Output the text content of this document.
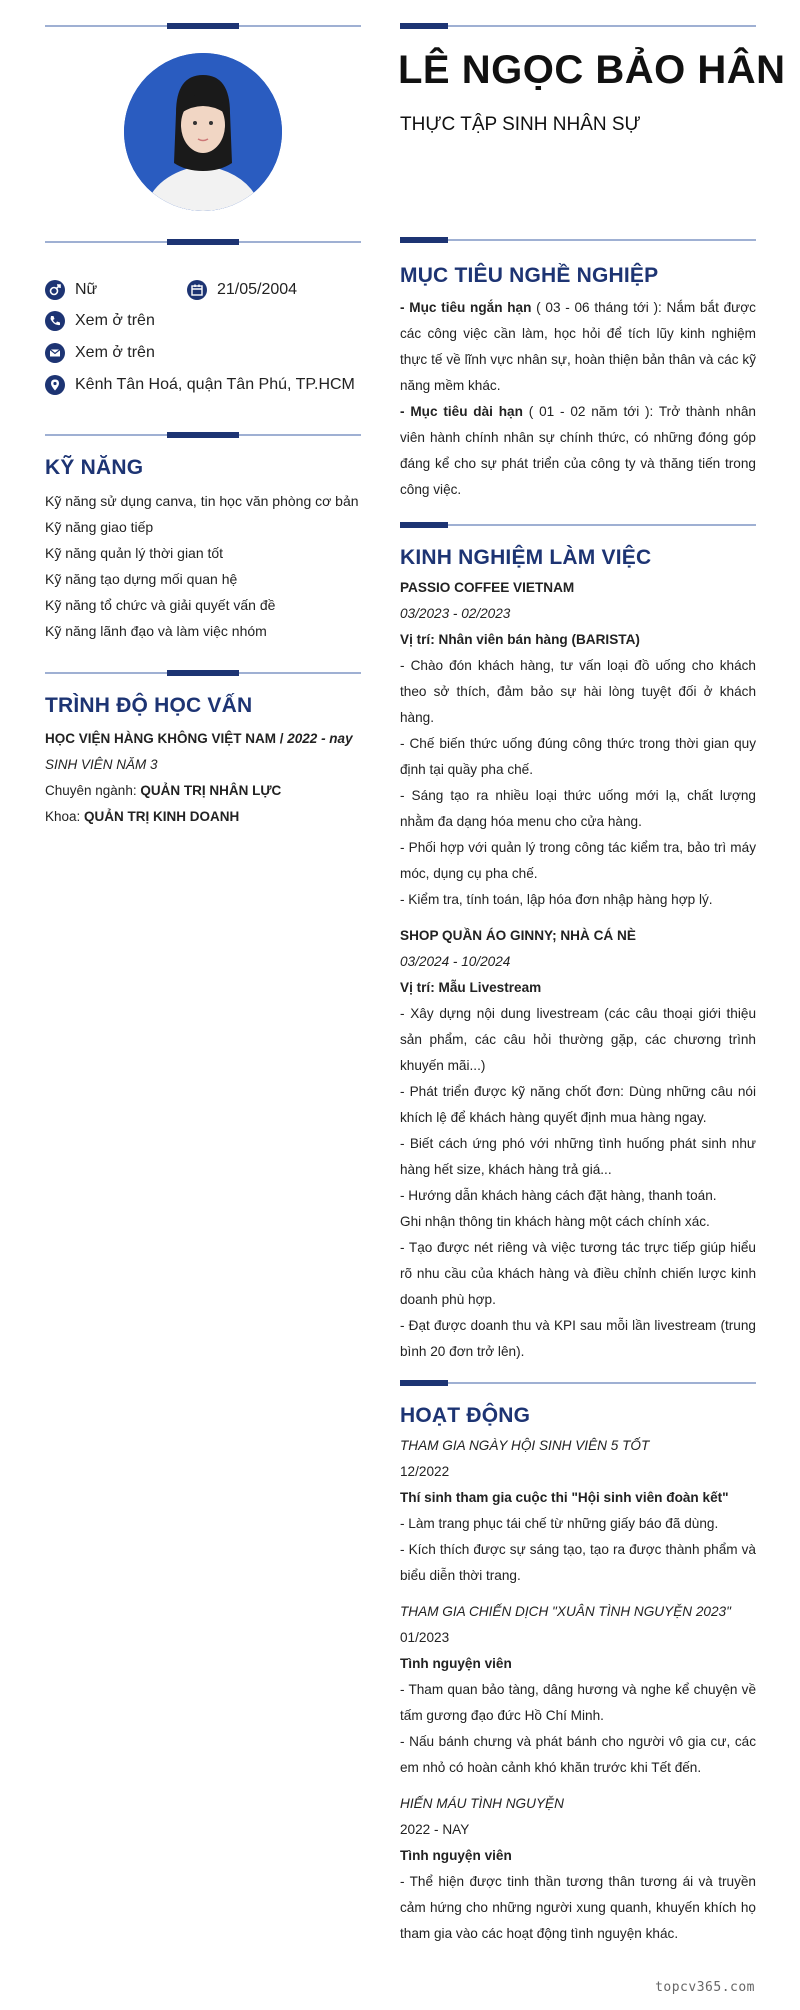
Nữ	21/05/2004
Xem ở trên
Xem ở trên
Kênh Tân Hoá, quận Tân Phú, TP.HCM
KỸ NĂNG

Kỹ năng sử dụng canva, tin học văn phòng cơ bản

Kỹ năng giao tiếp

Kỹ năng quản lý thời gian tốt

Kỹ năng tạo dựng mối quan hệ

Kỹ năng tổ chức và giải quyết vấn đề

Kỹ năng lãnh đạo và làm việc nhóm

TRÌNH ĐỘ HỌC VẤN

HỌC VIỆN HÀNG KHÔNG VIỆT NAM / 2022 - nay

SINH VIÊN NĂM 3

Chuyên ngành: QUẢN TRỊ NHÂN LỰC

Khoa: QUẢN TRỊ KINH DOANH

LÊ NGỌC BẢO HÂN
THỰC TẬP SINH NHÂN SỰ
MỤC TIÊU NGHỀ NGHIỆP

- Mục tiêu ngắn hạn ( 03 - 06 tháng tới ): Nắm bắt được các công việc cần làm, học hỏi để tích lũy kinh nghiệm thực tế về lĩnh vực nhân sự, hoàn thiện bản thân và các kỹ năng mềm khác.

- Mục tiêu dài hạn ( 01 - 02 năm tới ): Trở thành nhân viên hành chính nhân sự chính thức, có những đóng góp đáng kể cho sự phát triển của công ty và thăng tiến trong công việc.

KINH NGHIỆM LÀM VIỆC

PASSIO COFFEE VIETNAM

03/2023 - 02/2023

Vị trí: Nhân viên bán hàng (BARISTA)

- Chào đón khách hàng, tư vấn loại đồ uống cho khách theo sở thích, đảm bảo sự hài lòng tuyệt đối ở khách hàng.

- Chế biến thức uống đúng công thức trong thời gian quy định tại quầy pha chế.

- Sáng tạo ra nhiều loại thức uống mới lạ, chất lượng nhằm đa dạng hóa menu cho cửa hàng.

- Phối hợp với quản lý trong công tác kiểm tra, bảo trì máy móc, dụng cụ pha chế.

- Kiểm tra, tính toán, lập hóa đơn nhập hàng hợp lý.

SHOP QUẦN ÁO GINNY; NHÀ CÁ NÈ

03/2024 - 10/2024

Vị trí: Mẫu Livestream

- Xây dựng nội dung livestream (các câu thoại giới thiệu sản phẩm, các câu hỏi thường gặp, các chương trình khuyến mãi...)

- Phát triển được kỹ năng chốt đơn: Dùng những câu nói khích lệ để khách hàng quyết định mua hàng ngay.

- Biết cách ứng phó với những tình huống phát sinh như hàng hết size, khách hàng trả giá...

- Hướng dẫn khách hàng cách đặt hàng, thanh toán.

Ghi nhận thông tin khách hàng một cách chính xác.

- Tạo được nét riêng và việc tương tác trực tiếp giúp hiểu rõ nhu cầu của khách hàng và điều chỉnh chiến lược kinh doanh phù hợp.

- Đạt được doanh thu và KPI sau mỗi lần livestream (trung bình 20 đơn trở lên).

HOẠT ĐỘNG

THAM GIA NGÀY HỘI SINH VIÊN 5 TỐT

12/2022

Thí sinh tham gia cuộc thi "Hội sinh viên đoàn kết"

- Làm trang phục tái chế từ những giấy báo đã dùng.

- Kích thích được sự sáng tạo, tạo ra được thành phẩm và biểu diễn thời trang.

THAM GIA CHIẾN DỊCH "XUÂN TÌNH NGUYỆN 2023"

01/2023

Tình nguyện viên

- Tham quan bảo tàng, dâng hương và nghe kể chuyện về tấm gương đạo đức Hồ Chí Minh.

- Nấu bánh chưng và phát bánh cho người vô gia cư, các em nhỏ có hoàn cảnh khó khăn trước khi Tết đến.

HIẾN MÁU TÌNH NGUYỆN

2022 - NAY

Tình nguyện viên

- Thể hiện được tinh thần tương thân tương ái và truyền cảm hứng cho những người xung quanh, khuyến khích họ tham gia vào các hoạt động tình nguyện khác.

topcv365.com
